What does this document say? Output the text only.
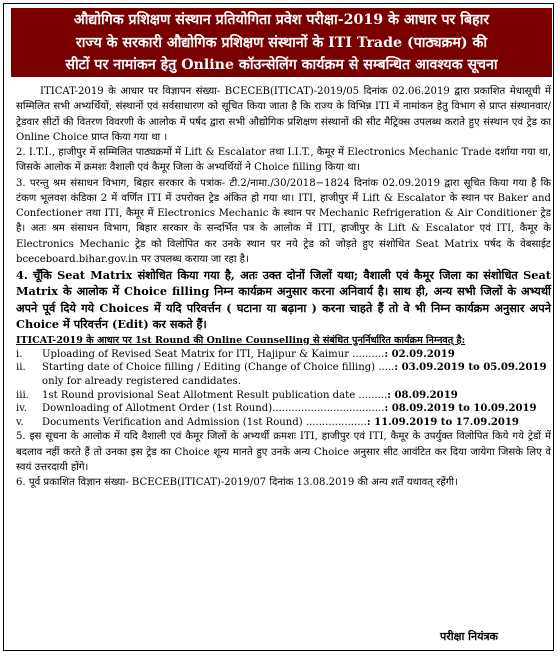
औद्योगिक प्रशिक्षण संस्थान प्रतियोगिता प्रवेश परीक्षा-2019 के आधार पर बिहार
राज्य के सरकारी औद्योगिक प्रशिक्षण संस्थानों के ITI Trade (पाठ्यक्रम) की
सीटों पर नामांकन हेतु Online कॉउन्सेलिंग कार्यक्रम से सम्बन्धित आवश्यक सूचना

ITICAT-2019 के आधार पर विज्ञापन संख्या- BCECEB(ITICAT)-2019/05 दिनांक 02.06.2019 द्वारा प्रकाशित मेधासूची में सम्मिलित सभी अभ्यर्थियों, संस्थानों एवं सर्वसाधारण को सूचित किया जाता है कि राज्य के विभिन्न ITI में नामांकन हेतु विभाग से प्राप्त संस्थानवार/ ट्रेडवार सीटों की वितरण विवरणी के आलोक में पर्षद द्वारा सभी औद्योगिक प्रशिक्षण संस्थानों की सीट मैट्रिक्स उपलब्ध कराते हुए संस्थान एवं ट्रेड का Online Choice प्राप्त किया गया था ।

2. I.T.I., हाजीपुर में सम्मिलित पाठ्यक्रमों में Lift & Escalator तथा I.I.T., कैमूर में Electronics Mechanic Trade दर्शाया गया था, जिसके आलोक में क्रमशः वैशाली एवं कैमूर जिला के अभ्यर्थियों ने Choice filling किया था।

3. परन्तु श्रम संसाधन विभाग, बिहार सरकार के पत्रांक- टी.2/नामा./30/2018−1824 दिनांक 02.09.2019 द्वारा सूचित किया गया है कि टंकण भूलवश कंडिका 2 में वर्णित ITI में उपरोक्त ट्रेड अंकित हो गया था। ITI, हाजीपुर में Lift & Escalator के स्थान पर Baker and Confectioner तथा ITI, कैमूर में Electronics Mechanic के स्थान पर Mechanic Refrigeration & Air Conditioner ट्रेड है। अतः श्रम संसाधन विभाग, बिहार सरकार के सन्दर्भित पत्र के आलोक में ITI, हाजीपुर के Lift & Escalator एवं ITI, कैमूर के Electronics Mechanic ट्रेड को विलोपित कर उनके स्थान पर नये ट्रेड को जोड़ते हुए संशोधित Seat Matrix पर्षद के वेबसाईट bceceboard.bihar.gov.in पर उपलब्ध कराया जा रहा है।

4. चूँकि Seat Matrix संशोधित किया गया है, अतः उक्त दोनों जिलों यथा; वैशाली एवं कैमूर जिला का संशोधित Seat Matrix के आलोक में Choice filling निम्न कार्यक्रम अनुसार करना अनिवार्य है। साथ ही, अन्य सभी जिलों के अभ्यर्थी अपने पूर्व दिये गये Choices में यदि परिवर्त्तन ( घटाना या बढ़ाना ) करना चाहते हैं तो वे भी निम्न कार्यक्रम अनुसार अपने Choice में परिवर्त्तन (Edit) कर सकते हैं।

ITICAT-2019 के आधार पर 1st Round की Online Counselling से संबंधित पुनर्निर्धारित कार्यक्रम निम्नवत् है:

i.	Uploading of Revised Seat Matrix for ITI, Hajipur & Kaimur .......... : 02.09.2019
ii.	Starting date of Choice filling / Editing (Change of Choice filling) ..... : 03.09.2019 to 05.09.2019
only for already registered candidates.
iii.	1st Round provisional Seat Allotment Result publication date ......... : 08.09.2019
iv.	Downloading of Allotment Order (1st Round)................................... : 08.09.2019 to 10.09.2019
v.	Documents Verification and Admission (1st Round) ................... : 11.09.2019 to 17.09.2019

5. इस सूचना के आलोक में यदि वैशाली एवं कैमूर जिलों के अभ्यर्थी क्रमशः ITI, हाजीपुर एवं ITI, कैमूर के उपर्युक्त विलोपित किये गये ट्रेडों में बदलाव नहीं करते हैं तो उनका इस ट्रेड का Choice शून्य मानते हुए उनके अन्य Choice अनुसार सीट आवंटित कर दिया जायेगा जिसके लिए वे स्वयं उत्तरदायी होंगे।

6. पूर्व प्रकाशित विज्ञान संख्या- BCECEB(ITICAT)-2019/07 दिनांक 13.08.2019 की अन्य शर्तें यथावत् रहेंगी।

परीक्षा नियंत्रक
